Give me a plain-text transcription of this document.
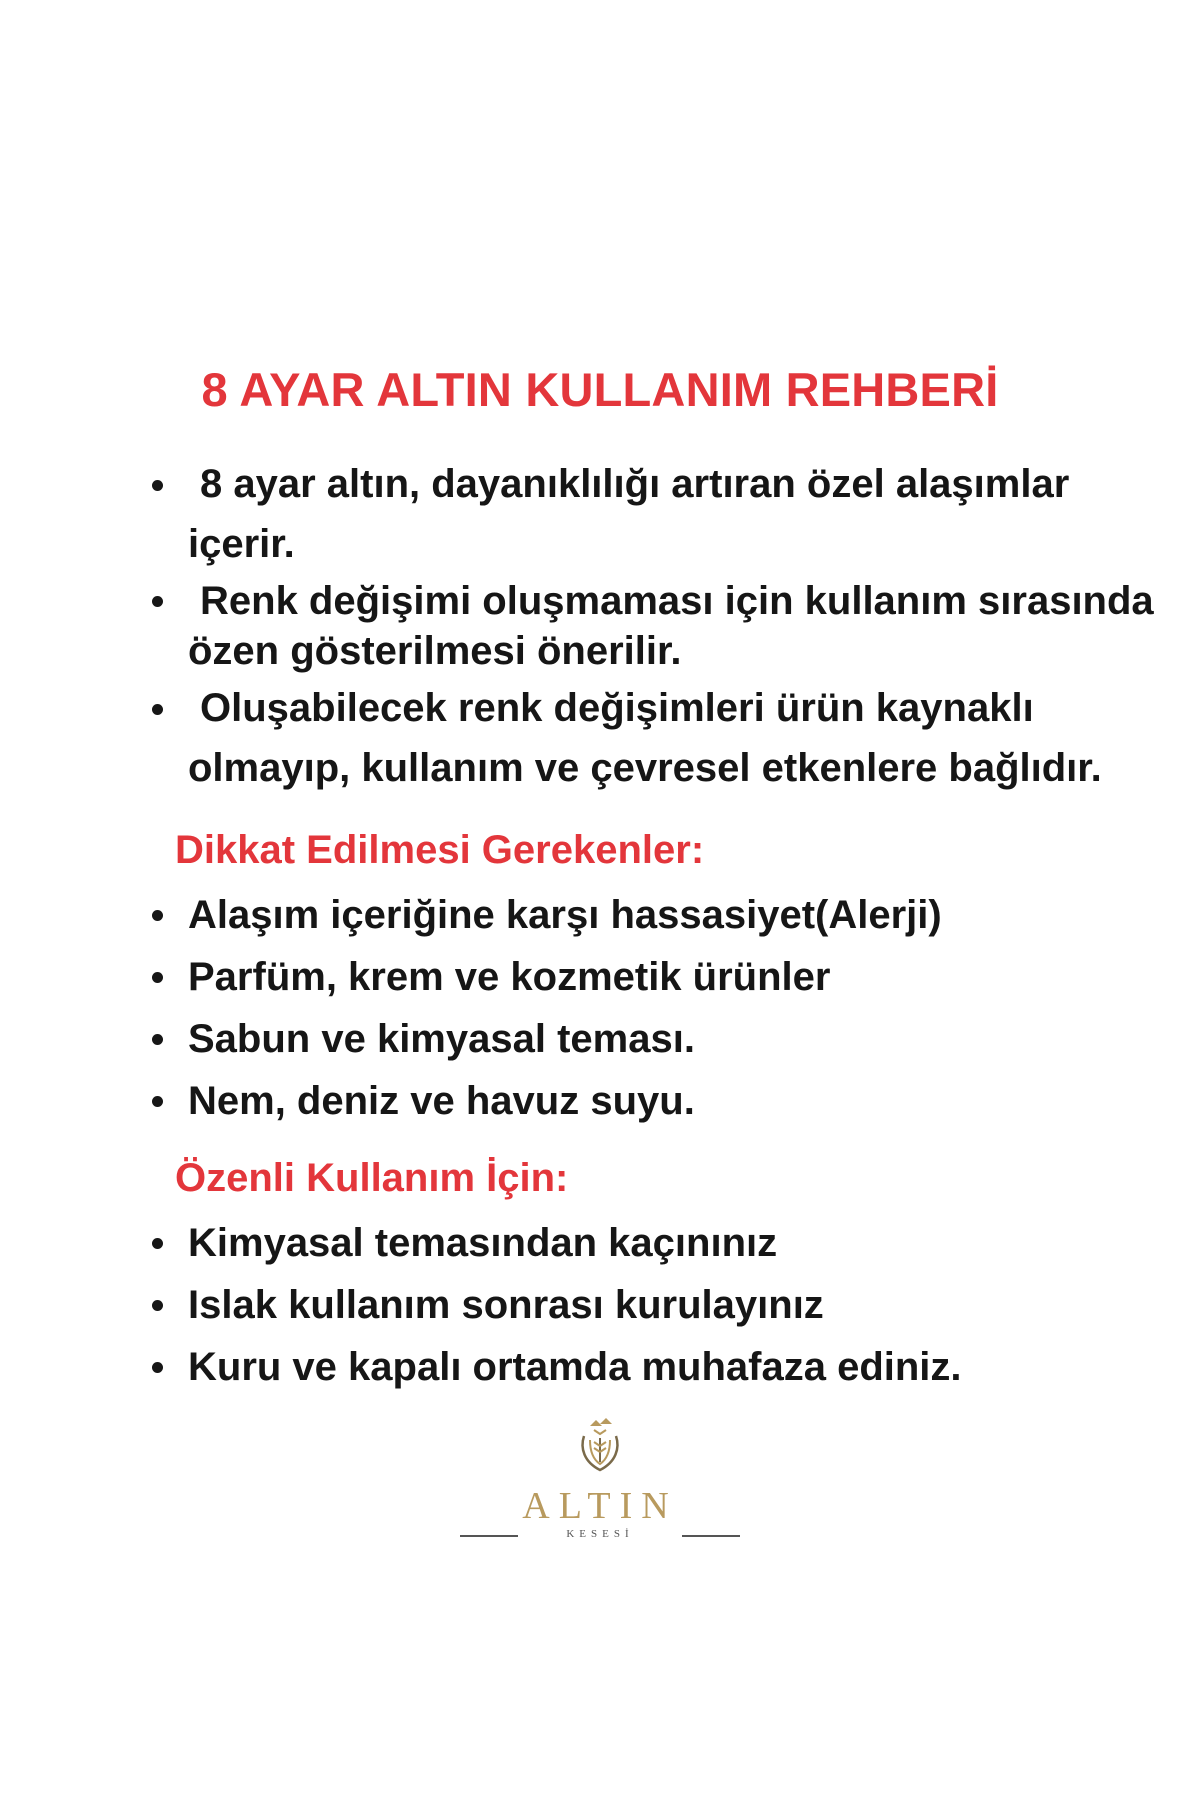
8 AYAR ALTIN KULLANIM REHBERİ
8 ayar altın, dayanıklılığı artıran özel alaşımlar içerir.
Renk değişimi oluşmaması için kullanım sırasında özen gösterilmesi önerilir.
Oluşabilecek renk değişimleri ürün kaynaklı olmayıp, kullanım ve çevresel etkenlere bağlıdır.
Dikkat Edilmesi Gerekenler:
Alaşım içeriğine karşı hassasiyet(Alerji)
Parfüm, krem ve kozmetik ürünler
Sabun ve kimyasal teması.
Nem, deniz ve havuz suyu.
Özenli Kullanım İçin:
Kimyasal temasından kaçınınız
Islak kullanım sonrası kurulayınız
Kuru ve kapalı ortamda muhafaza ediniz.
ALTIN
KESESİ
